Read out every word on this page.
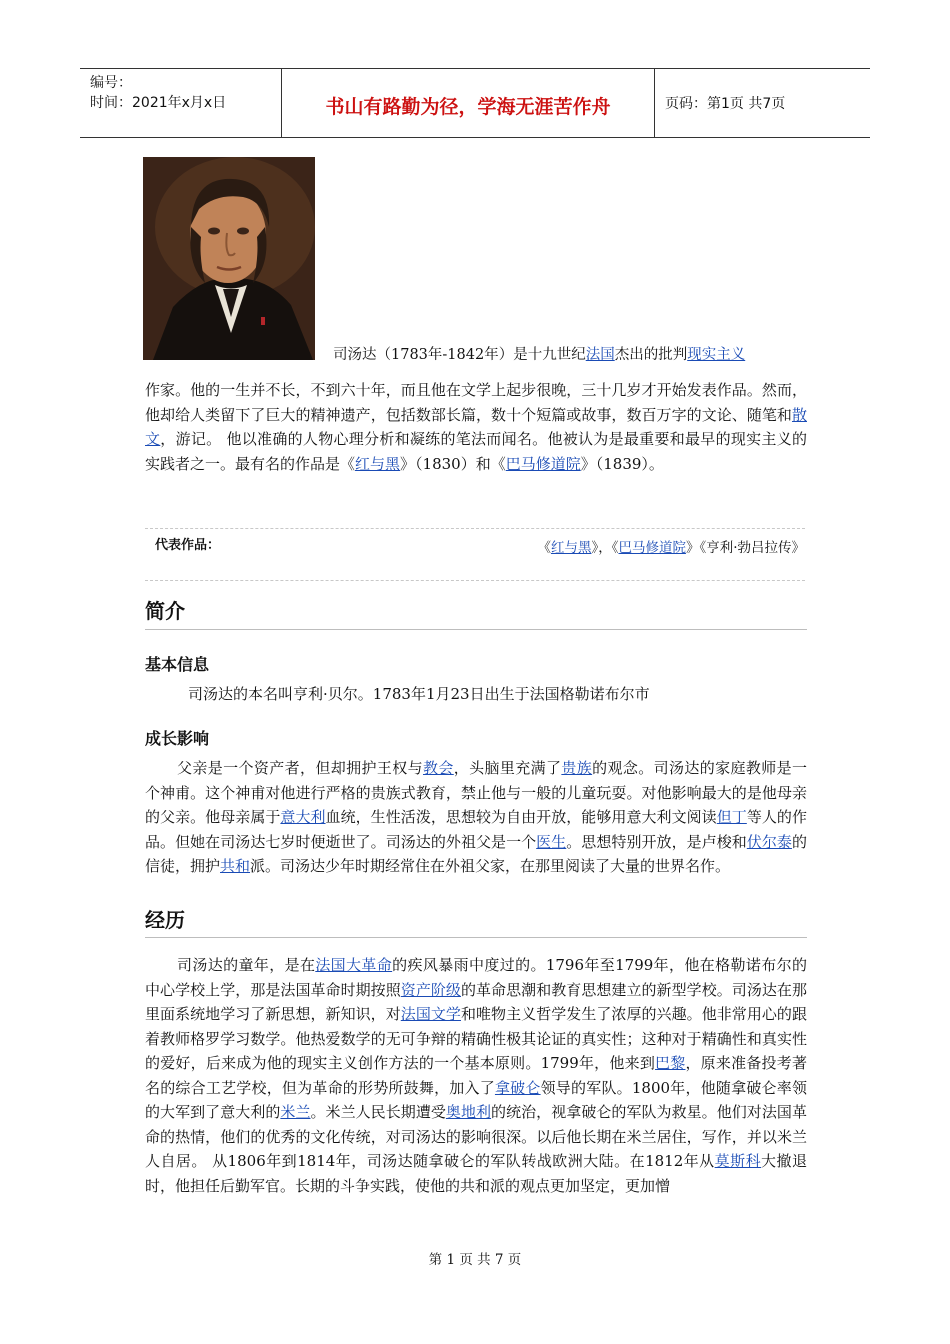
编号：
时间：2021年x月x日	书山有路勤为径，学海无涯苦作舟	页码：第1页 共7页
司汤达（1783年-1842年）是十九世纪法国杰出的批判现实主义

作家。他的一生并不长，不到六十年，而且他在文学上起步很晚，三十几岁才开始发表作品。然而，他却给人类留下了巨大的精神遗产，包括数部长篇，数十个短篇或故事，数百万字的文论、随笔和散文，游记。 他以准确的人物心理分析和凝练的笔法而闻名。他被认为是最重要和最早的现实主义的实践者之一。最有名的作品是《红与黑》（1830）和《巴马修道院》（1839）。

代表作品：	《红与黑》，《巴马修道院》《亨利·勃吕拉传》
简介
基本信息
司汤达的本名叫亨利·贝尔。1783年1月23日出生于法国格勒诺布尔市
成长影响

父亲是一个资产者，但却拥护王权与教会，头脑里充满了贵族的观念。司汤达的家庭教师是一个神甫。这个神甫对他进行严格的贵族式教育，禁止他与一般的儿童玩耍。对他影响最大的是他母亲的父亲。他母亲属于意大利血统，生性活泼，思想较为自由开放，能够用意大利文阅读但丁等人的作品。但她在司汤达七岁时便逝世了。司汤达的外祖父是一个医生。思想特别开放，是卢梭和伏尔泰的信徒，拥护共和派。司汤达少年时期经常住在外祖父家，在那里阅读了大量的世界名作。

经历

司汤达的童年，是在法国大革命的疾风暴雨中度过的。1796年至1799年，他在格勒诺布尔的中心学校上学，那是法国革命时期按照资产阶级的革命思潮和教育思想建立的新型学校。司汤达在那里面系统地学习了新思想，新知识，对法国文学和唯物主义哲学发生了浓厚的兴趣。他非常用心的跟着教师格罗学习数学。他热爱数学的无可争辩的精确性极其论证的真实性；这种对于精确性和真实性的爱好，后来成为他的现实主义创作方法的一个基本原则。1799年，他来到巴黎，原来准备投考著名的综合工艺学校，但为革命的形势所鼓舞，加入了拿破仑领导的军队。1800年，他随拿破仑率领的大军到了意大利的米兰。米兰人民长期遭受奥地利的统治，视拿破仑的军队为救星。他们对法国革命的热情，他们的优秀的文化传统，对司汤达的影响很深。以后他长期在米兰居住，写作，并以米兰人自居。 从1806年到1814年，司汤达随拿破仑的军队转战欧洲大陆。在1812年从莫斯科大撤退时，他担任后勤军官。长期的斗争实践，使他的共和派的观点更加坚定，更加憎

第 1 页 共 7 页
